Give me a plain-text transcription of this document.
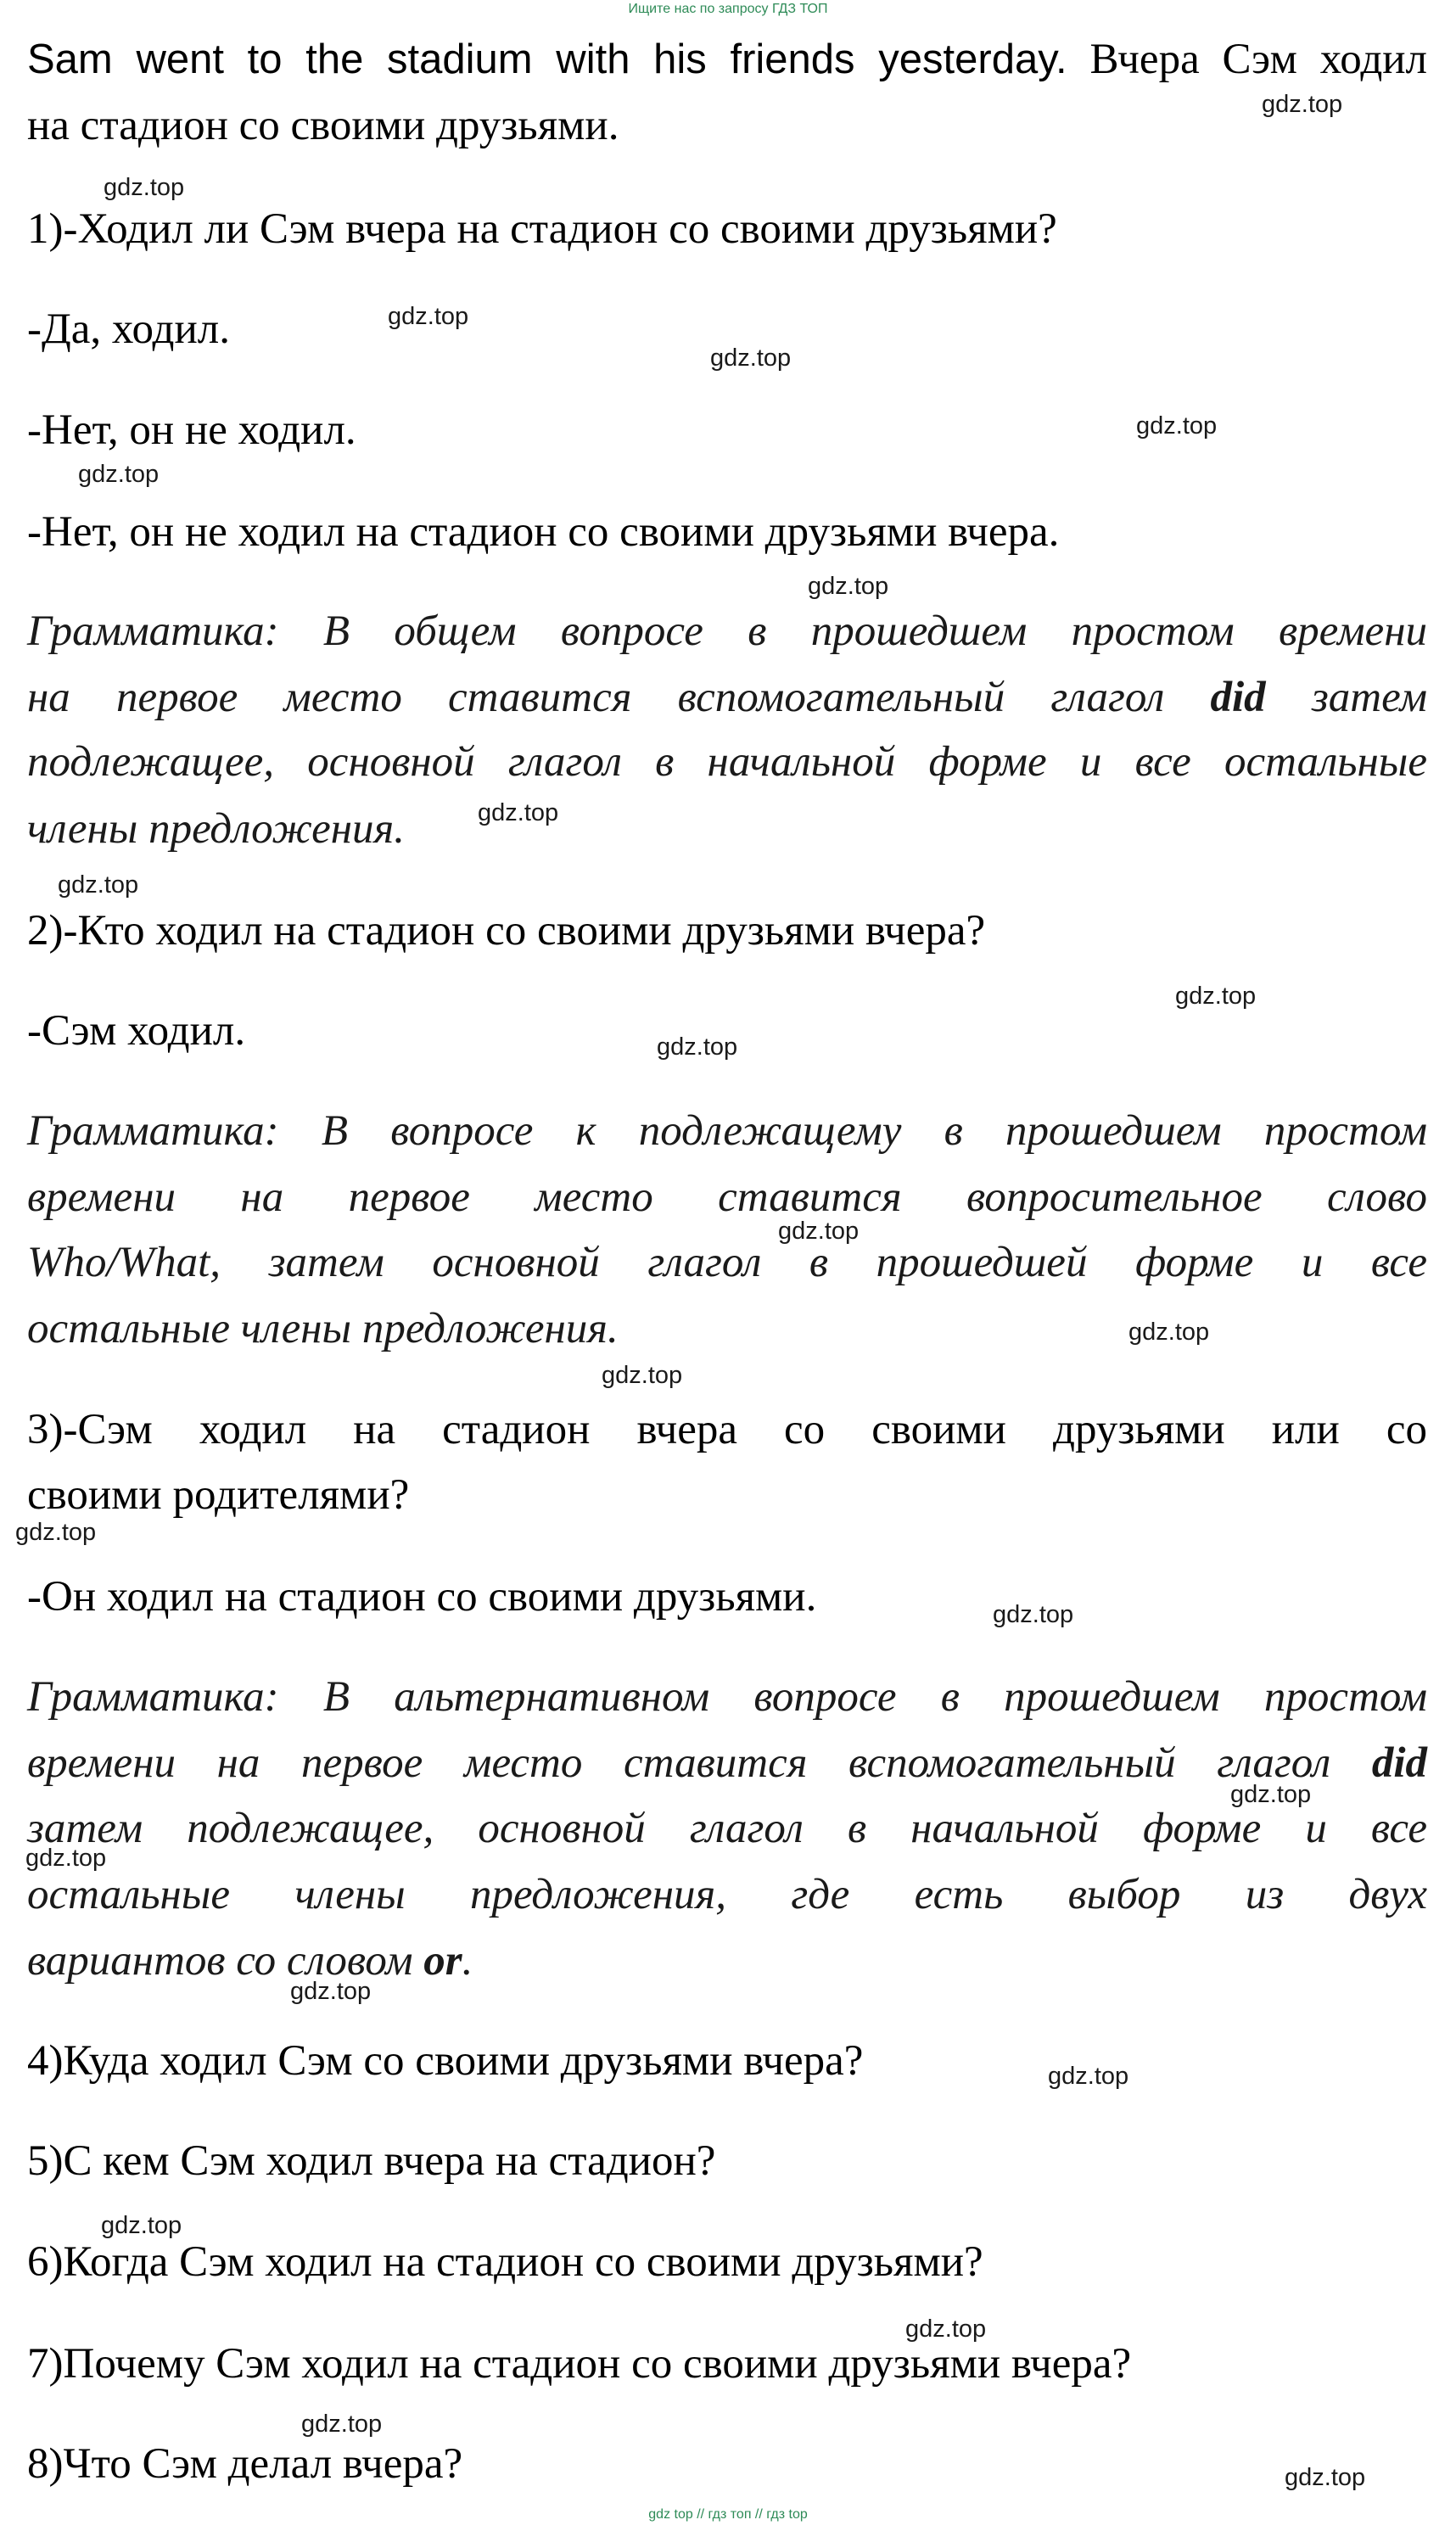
Ищите нас по запросу ГДЗ ТОП
Sam went to the stadium with his friends yesterday. Вчера Сэм ходил
на стадион со своими друзьями.
1)-Ходил ли Сэм вчера на стадион со своими друзьями?
-Да, ходил.
-Нет, он не ходил.
-Нет, он не ходил на стадион со своими друзьями вчера.
Грамматика: В общем вопросе в прошедшем простом времени
на первое место ставится вспомогательный глагол did затем
подлежащее, основной глагол в начальной форме и все остальные
члены предложения.
2)-Кто ходил на стадион со своими друзьями вчера?
-Сэм ходил.
Грамматика: В вопросе к подлежащему в прошедшем простом
времени на первое место ставится вопросительное слово
Who/What, затем основной глагол в прошедшей форме и все
остальные члены предложения.
3)-Сэм ходил на стадион вчера со своими друзьями или со
своими родителями?
-Он ходил на стадион со своими друзьями.
Грамматика: В альтернативном вопросе в прошедшем простом
времени на первое место ставится вспомогательный глагол did
затем подлежащее, основной глагол в начальной форме и все
остальные члены предложения, где есть выбор из двух
вариантов со словом or.
4)Куда ходил Сэм со своими друзьями вчера?
5)С кем Сэм ходил вчера на стадион?
6)Когда Сэм ходил на стадион со своими друзьями?
7)Почему Сэм ходил на стадион со своими друзьями вчера?
8)Что Сэм делал вчера?
gdz.top
gdz.top
gdz.top
gdz.top
gdz.top
gdz.top
gdz.top
gdz.top
gdz.top
gdz.top
gdz.top
gdz.top
gdz.top
gdz.top
gdz.top
gdz.top
gdz.top
gdz.top
gdz.top
gdz.top
gdz.top
gdz.top
gdz.top
gdz.top
gdz top // гдз топ // гдз top
